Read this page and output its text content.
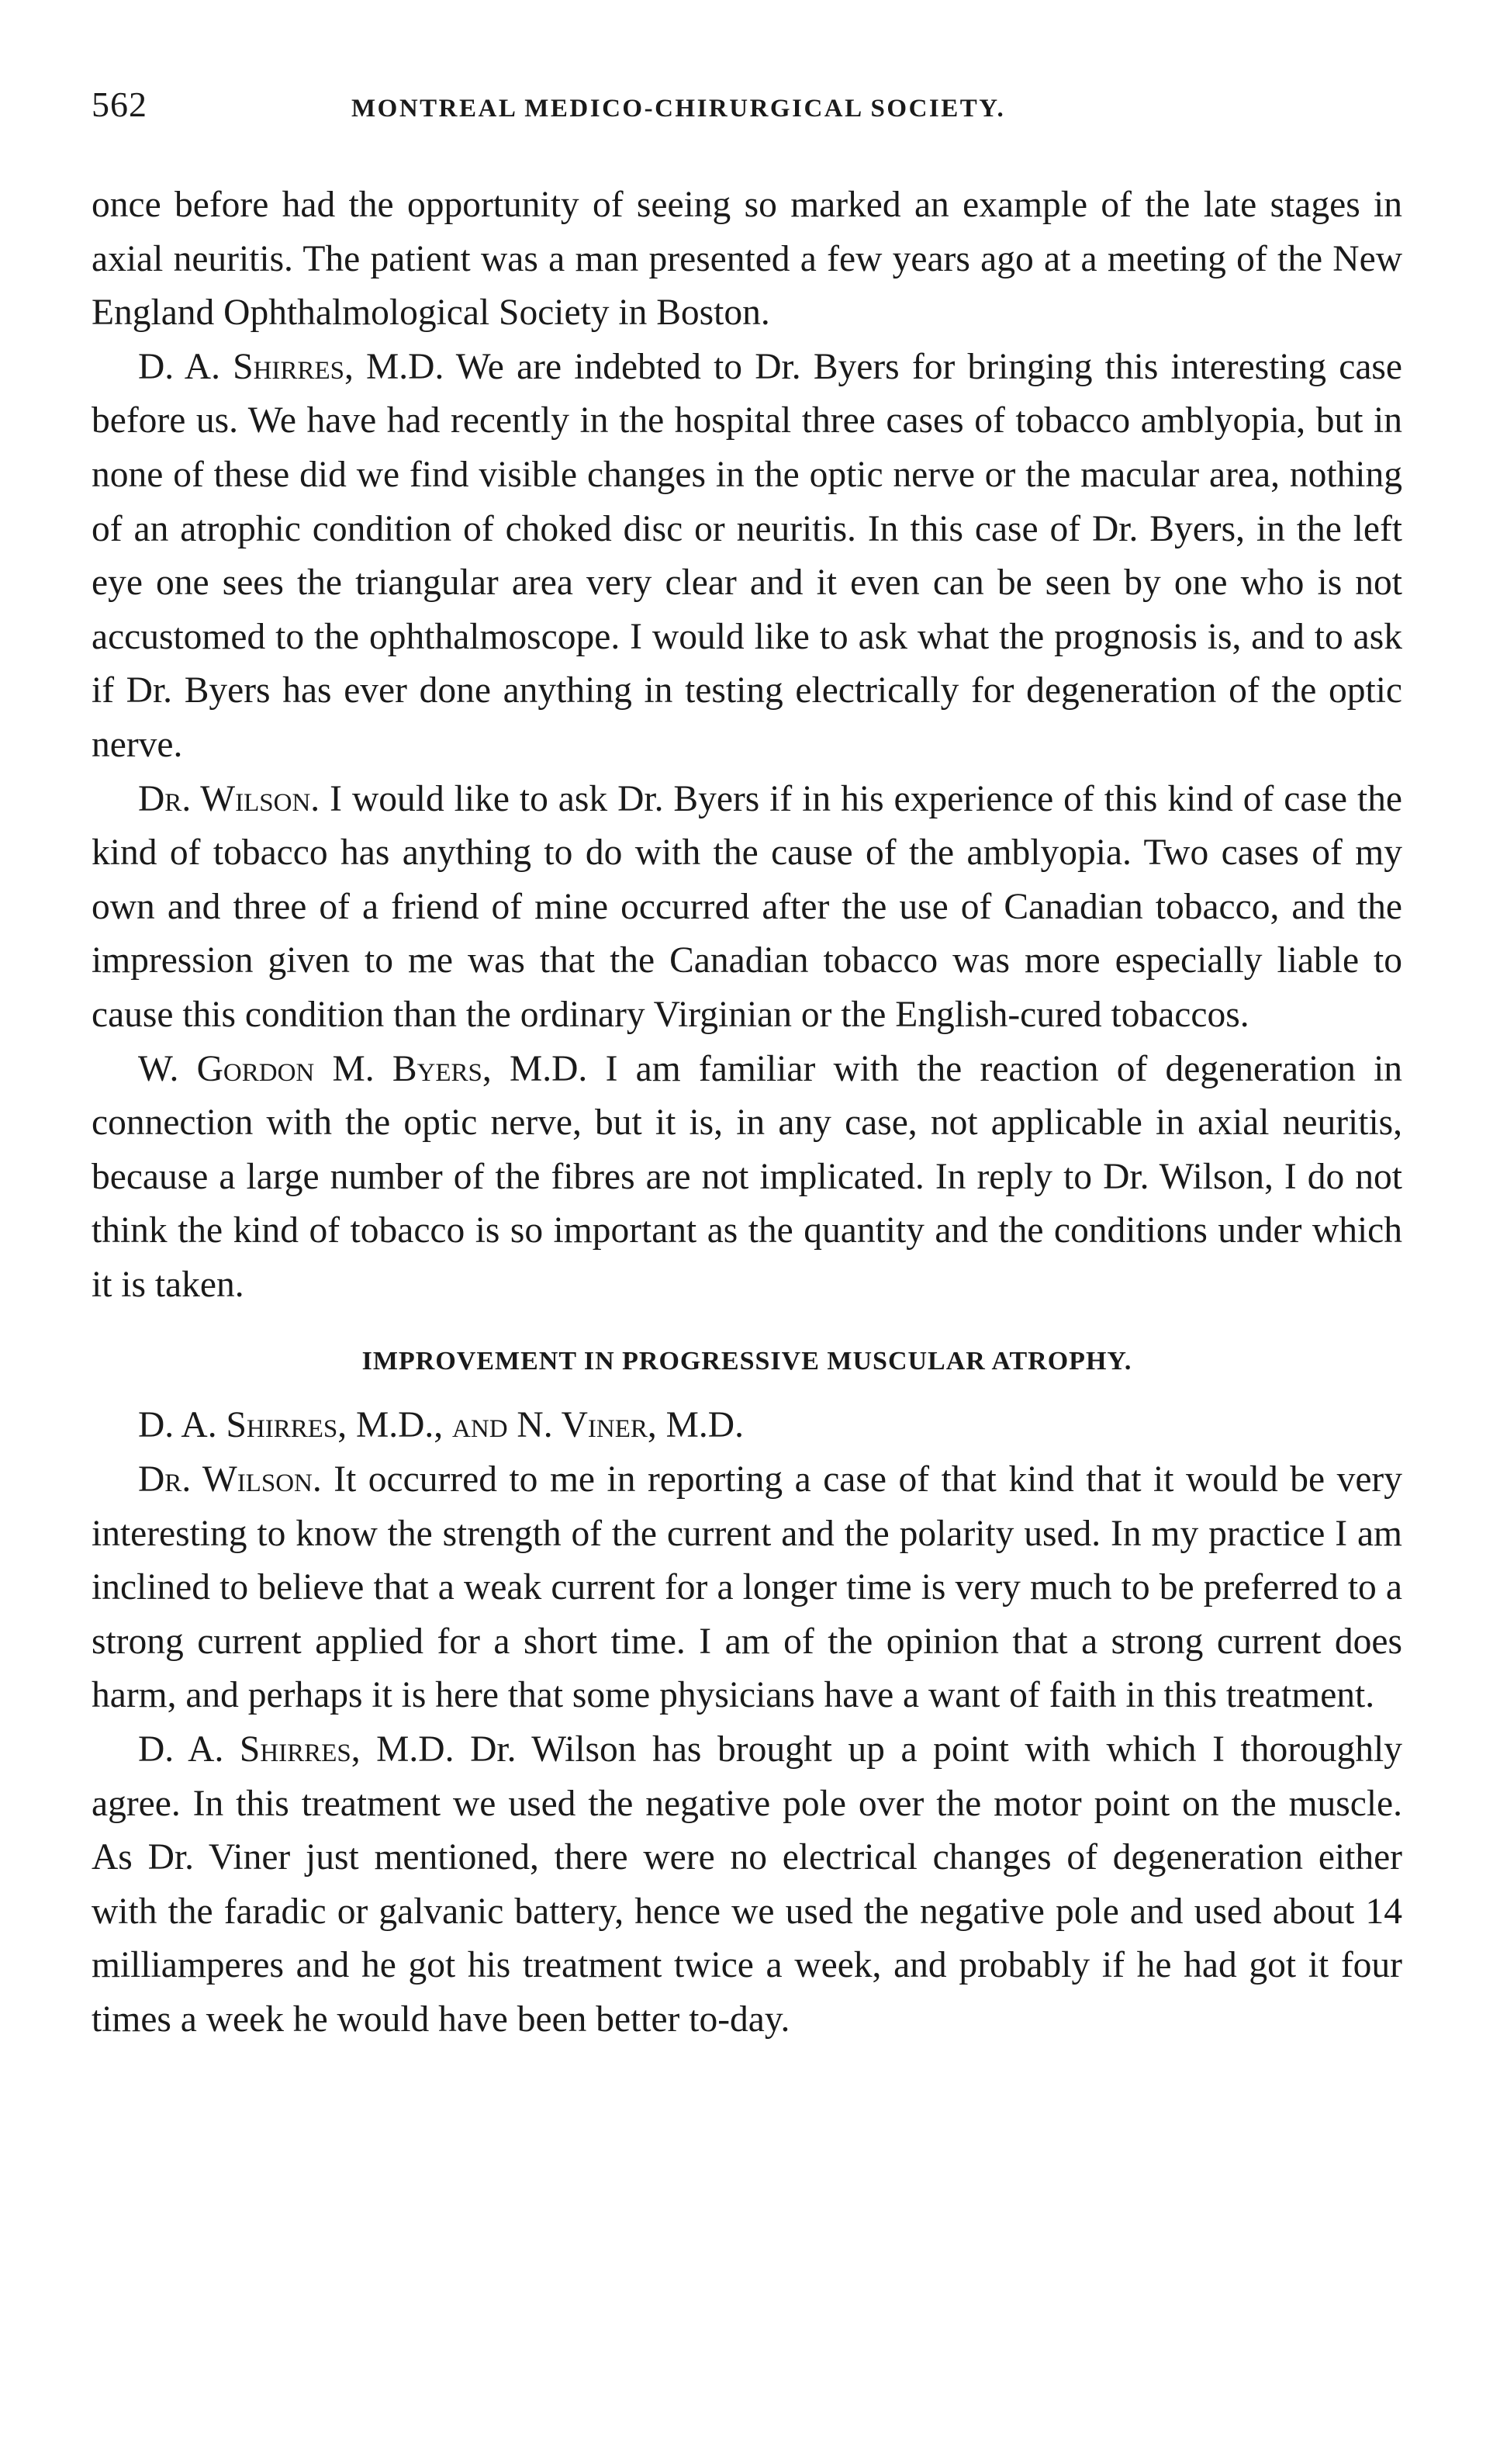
562	MONTREAL MEDICO-CHIRURGICAL SOCIETY.

once before had the opportunity of seeing so marked an example of the late stages in axial neuritis. The patient was a man presented a few years ago at a meeting of the New England Ophthalmological Society in Boston.

D. A. Shirres, M.D. We are indebted to Dr. Byers for bringing this interesting case before us. We have had recently in the hospital three cases of tobacco amblyopia, but in none of these did we find visible changes in the optic nerve or the macular area, nothing of an atrophic condition of choked disc or neuritis. In this case of Dr. Byers, in the left eye one sees the triangular area very clear and it even can be seen by one who is not accustomed to the ophthalmoscope. I would like to ask what the prognosis is, and to ask if Dr. Byers has ever done anything in testing electrically for degeneration of the optic nerve.

Dr. Wilson. I would like to ask Dr. Byers if in his experience of this kind of case the kind of tobacco has anything to do with the cause of the amblyopia. Two cases of my own and three of a friend of mine occurred after the use of Canadian tobacco, and the impression given to me was that the Canadian tobacco was more especially liable to cause this condition than the ordinary Virginian or the English-cured tobaccos.

W. Gordon M. Byers, M.D. I am familiar with the reaction of degeneration in connection with the optic nerve, but it is, in any case, not applicable in axial neuritis, because a large number of the fibres are not implicated. In reply to Dr. Wilson, I do not think the kind of tobacco is so important as the quantity and the conditions under which it is taken.

IMPROVEMENT IN PROGRESSIVE MUSCULAR ATROPHY.

D. A. Shirres, M.D., and N. Viner, M.D.

Dr. Wilson. It occurred to me in reporting a case of that kind that it would be very interesting to know the strength of the current and the polarity used. In my practice I am inclined to believe that a weak current for a longer time is very much to be preferred to a strong current applied for a short time. I am of the opinion that a strong current does harm, and perhaps it is here that some physicians have a want of faith in this treatment.

D. A. Shirres, M.D. Dr. Wilson has brought up a point with which I thoroughly agree. In this treatment we used the negative pole over the motor point on the muscle. As Dr. Viner just mentioned, there were no electrical changes of degeneration either with the faradic or galvanic battery, hence we used the negative pole and used about 14 milliamperes and he got his treatment twice a week, and probably if he had got it four times a week he would have been better to-day.
